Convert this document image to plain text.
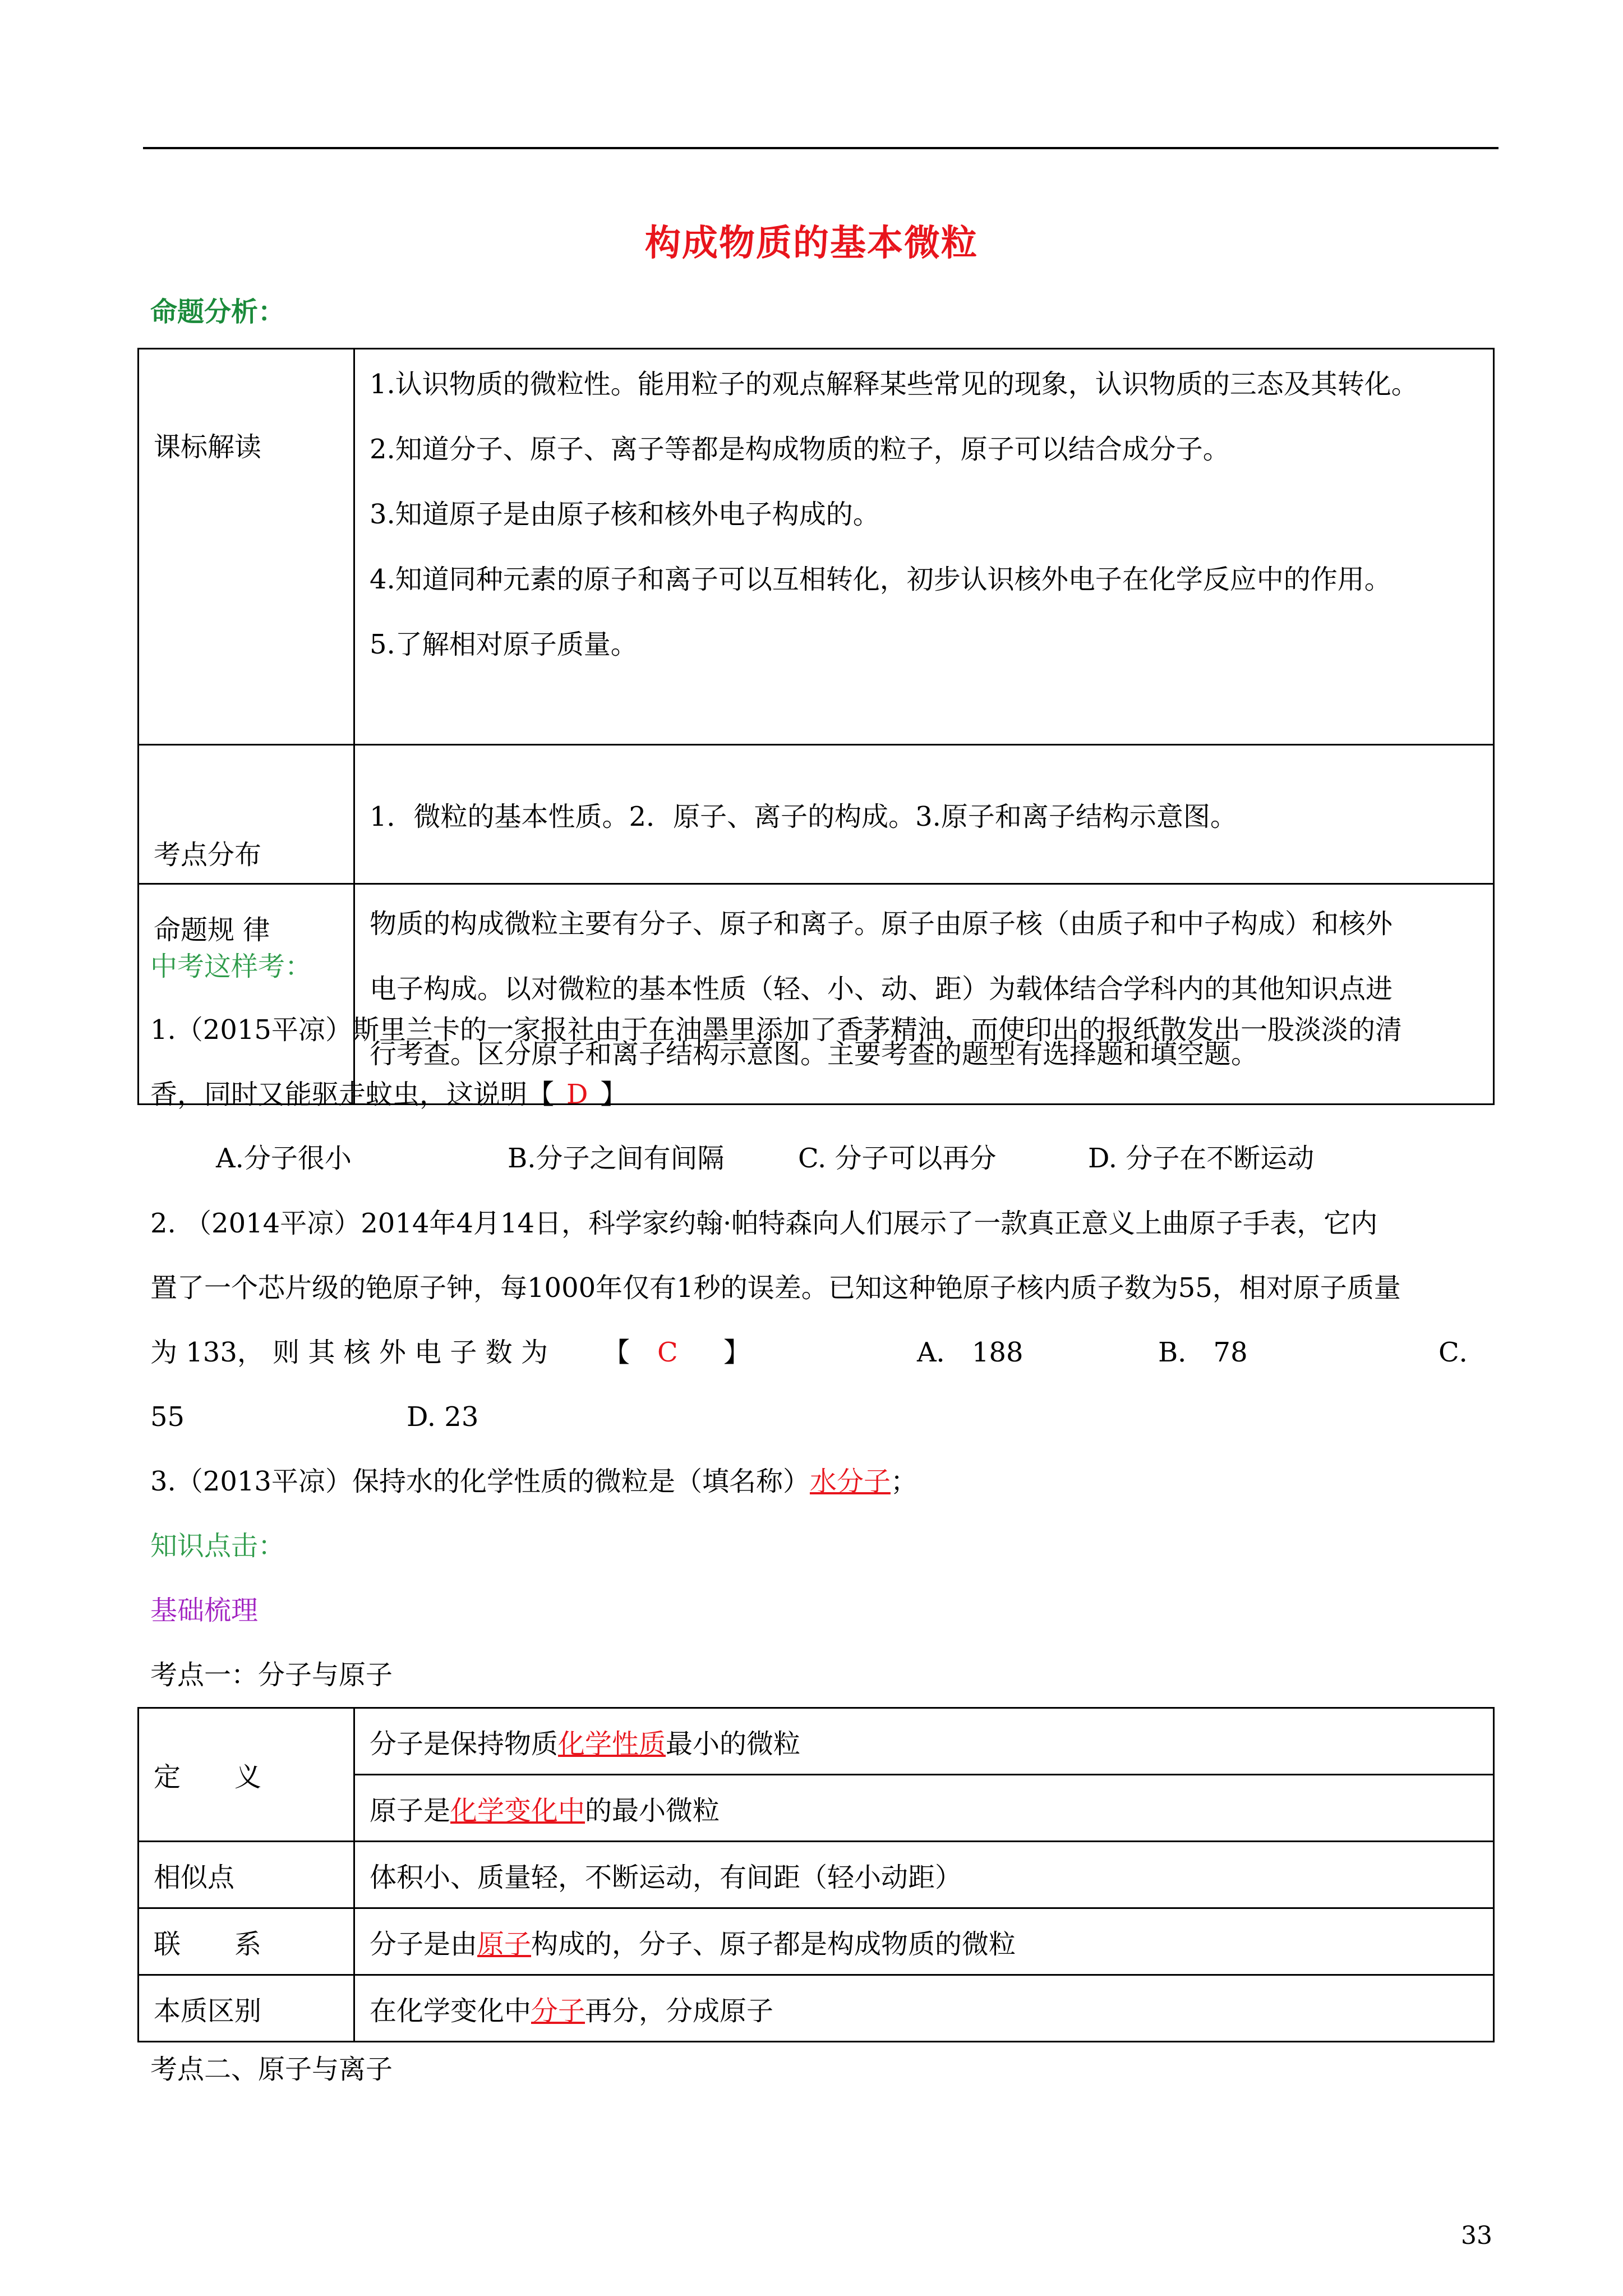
构成物质的基本微粒
命题分析：
课标解读	1.认识物质的微粒性。能用粒子的观点解释某些常见的现象，认识物质的三态及其转化。

2.知道分子、原子、离子等都是构成物质的粒子，原子可以结合成分子。

3.知道原子是由原子核和核外电子构成的。

4.知道同种元素的原子和离子可以互相转化，初步认识核外电子在化学反应中的作用。

5.了解相对原子质量。

考点分布	1．微粒的基本性质。2．原子、离子的构成。3.原子和离子结构示意图。
命题规 律	物质的构成微粒主要有分子、原子和离子。原子由原子核（由质子和中子构成）和核外
电子构成。以对微粒的基本性质（轻、小、动、距）为载体结合学科内的其他知识点进
行考查。区分原子和离子结构示意图。主要考查的题型有选择题和填空题。
中考这样考：
1.（2015平凉）斯里兰卡的一家报社由于在油墨里添加了香茅精油，而使印出的报纸散发出一股淡淡的清
香，同时又能驱走蚊虫，这说明【 D 】
A.分子很小	B.分子之间有间隔	C. 分子可以再分	D. 分子在不断运动
2. （2014平凉）2014年4月14日，科学家约翰·帕特森向人们展示了一款真正意义上曲原子手表，它内
置了一个芯片级的铯原子钟，每1000年仅有1秒的误差。已知这种铯原子核内质子数为55，相对原子质量
为 133， 则 其 核 外 电 子 数 为 【 C 】	A． 188	B． 78	C．
55	D. 23
3.（2013平凉）保持水的化学性质的微粒是（填名称）水分子；
知识点击：
基础梳理
考点一：分子与原子
定　　义	分子是保持物质化学性质最小的微粒
	原子是化学变化中的最小微粒
相似点	体积小、质量轻，不断运动，有间距（轻小动距）
联　　系	分子是由原子构成的，分子、原子都是构成物质的微粒
本质区别	在化学变化中分子再分，分成原子
考点二、原子与离子
33
